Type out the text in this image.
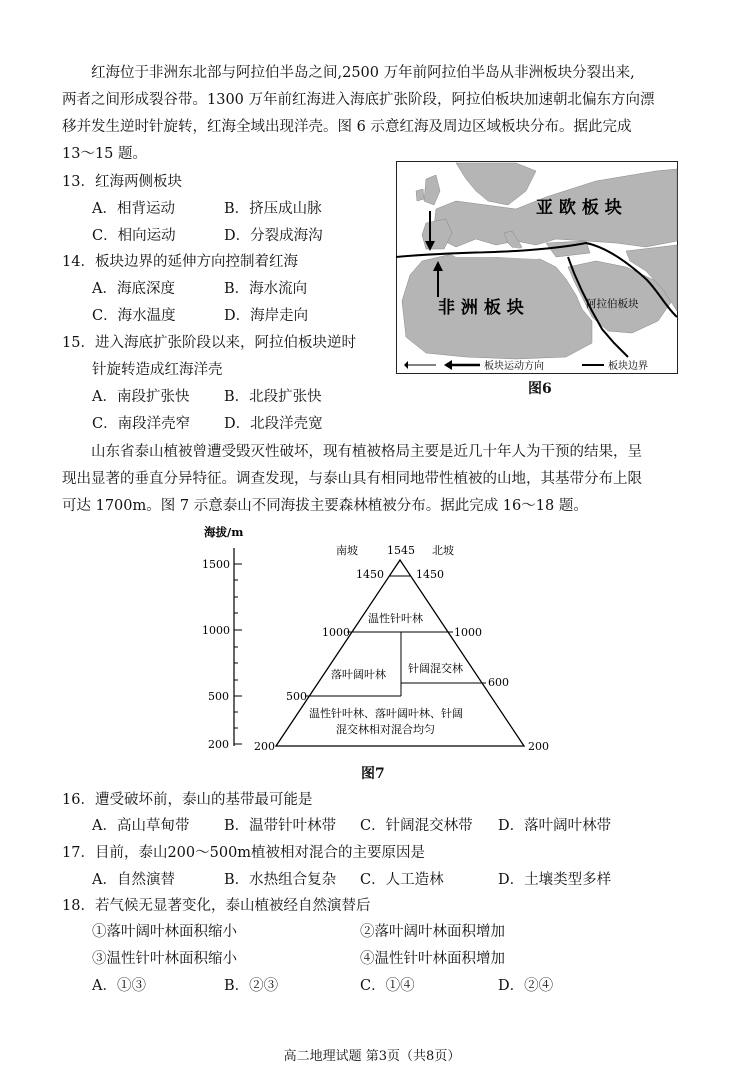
红海位于非洲东北部与阿拉伯半岛之间,2500 万年前阿拉伯半岛从非洲板块分裂出来,
两者之间形成裂谷带。1300 万年前红海进入海底扩张阶段，阿拉伯板块加速朝北偏东方向漂
移并发生逆时针旋转，红海全域出现洋壳。图 6 示意红海及周边区域板块分布。据此完成
13～15 题。
13．红海两侧板块
A．相背运动	B．挤压成山脉
C．相向运动	D．分裂成海沟
14．板块边界的延伸方向控制着红海
A．海底深度	B．海水流向
C．海水温度	D．海岸走向
15．进入海底扩张阶段以来，阿拉伯板块逆时
针旋转造成红海洋壳
A．南段扩张快 B．北段扩张快
C．南段洋壳窄 D．北段洋壳宽
亚 欧 板 块
非 洲 板 块	阿拉伯板块
板块运动方向	板块边界
图6
山东省泰山植被曾遭受毁灭性破坏，现有植被格局主要是近几十年人为干预的结果，呈
现出显著的垂直分异特征。调查发现，与泰山具有相同地带性植被的山地，其基带分布上限
可达 1700m。图 7 示意泰山不同海拔主要森林植被分布。据此完成 16～18 题。
海拔/m
1500
1000
500
200
南坡	1545 北坡
1450	1450
1000	1000
500
600
200	200
温性针叶林
落叶阔叶林 针阔混交林
温性针叶林、落叶阔叶林、针阔
混交林相对混合均匀
图7
16．遭受破坏前，泰山的基带最可能是
A．高山草甸带 B．温带针叶林带 C．针阔混交林带 D．落叶阔叶林带
17．目前，泰山200～500m植被相对混合的主要原因是
A．自然演替	B．水热组合复杂 C．人工造林	D．土壤类型多样
18．若气候无显著变化，泰山植被经自然演替后
①落叶阔叶林面积缩小	②落叶阔叶林面积增加
③温性针叶林面积缩小	④温性针叶林面积增加
A．①③	B．②③	C．①④	D．②④
高二地理试题 第3页（共8页）
